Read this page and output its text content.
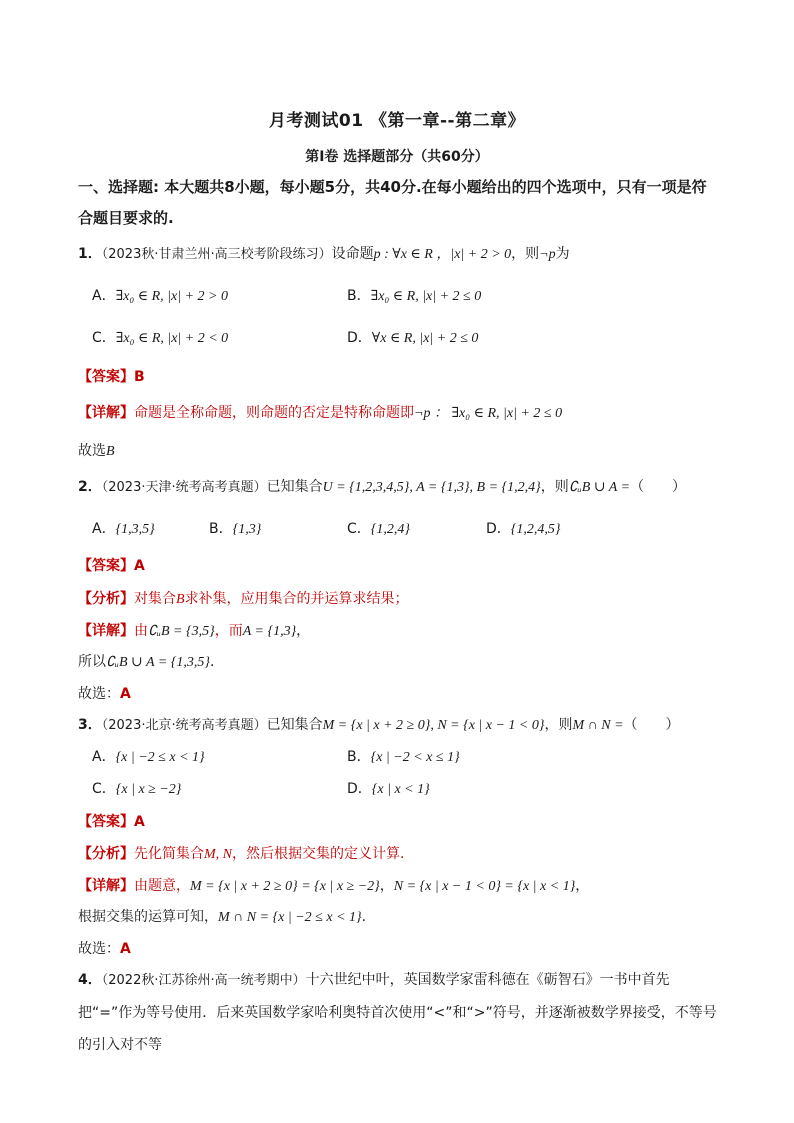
月考测试01 《第一章--第二章》
第I卷 选择题部分（共60分）
一、选择题: 本大题共8小题，每小题5分，共40分.在每小题给出的四个选项中，只有一项是符合题目要求的.
1．（2023秋·甘肃兰州·高三校考阶段练习）设命题p : ∀x ∈ R ，|x| + 2 > 0，则¬p为
A．∃x₀ ∈ R, |x| + 2 > 0	B．∃x₀ ∈ R, |x| + 2 ≤ 0
C．∃x₀ ∈ R, |x| + 2 < 0	D．∀x ∈ R, |x| + 2 ≤ 0
【答案】B
【详解】命题是全称命题，则命题的否定是特称命题即¬p ： ∃x₀ ∈ R, |x| + 2 ≤ 0
故选B
2．（2023·天津·统考高考真题）已知集合U = {1,2,3,4,5}, A = {1,3}, B = {1,2,4}，则∁ᵤB ∪ A =（　　）
A．{1,3,5}	B．{1,3}	C．{1,2,4}	D．{1,2,4,5}
【答案】A
【分析】对集合B求补集，应用集合的并运算求结果；
【详解】由∁ᵤB = {3,5}，而A = {1,3}，
所以∁ᵤB ∪ A = {1,3,5}.
故选：A
3．（2023·北京·统考高考真题）已知集合M = {x | x + 2 ≥ 0}, N = {x | x − 1 < 0}，则M ∩ N =（　　）
A．{x | −2 ≤ x < 1}	B．{x | −2 < x ≤ 1}
C．{x | x ≥ −2}	D．{x | x < 1}
【答案】A
【分析】先化简集合M, N，然后根据交集的定义计算.
【详解】由题意，M = {x | x + 2 ≥ 0} = {x | x ≥ −2}，N = {x | x − 1 < 0} = {x | x < 1}，
根据交集的运算可知，M ∩ N = {x | −2 ≤ x < 1}.
故选：A
4．（2022秋·江苏徐州·高一统考期中）十六世纪中叶，英国数学家雷科德在《砺智石》一书中首先把“=”作为等号使用．后来英国数学家哈利奥特首次使用“<”和“>”符号，并逐渐被数学界接受，不等号的引入对不等
